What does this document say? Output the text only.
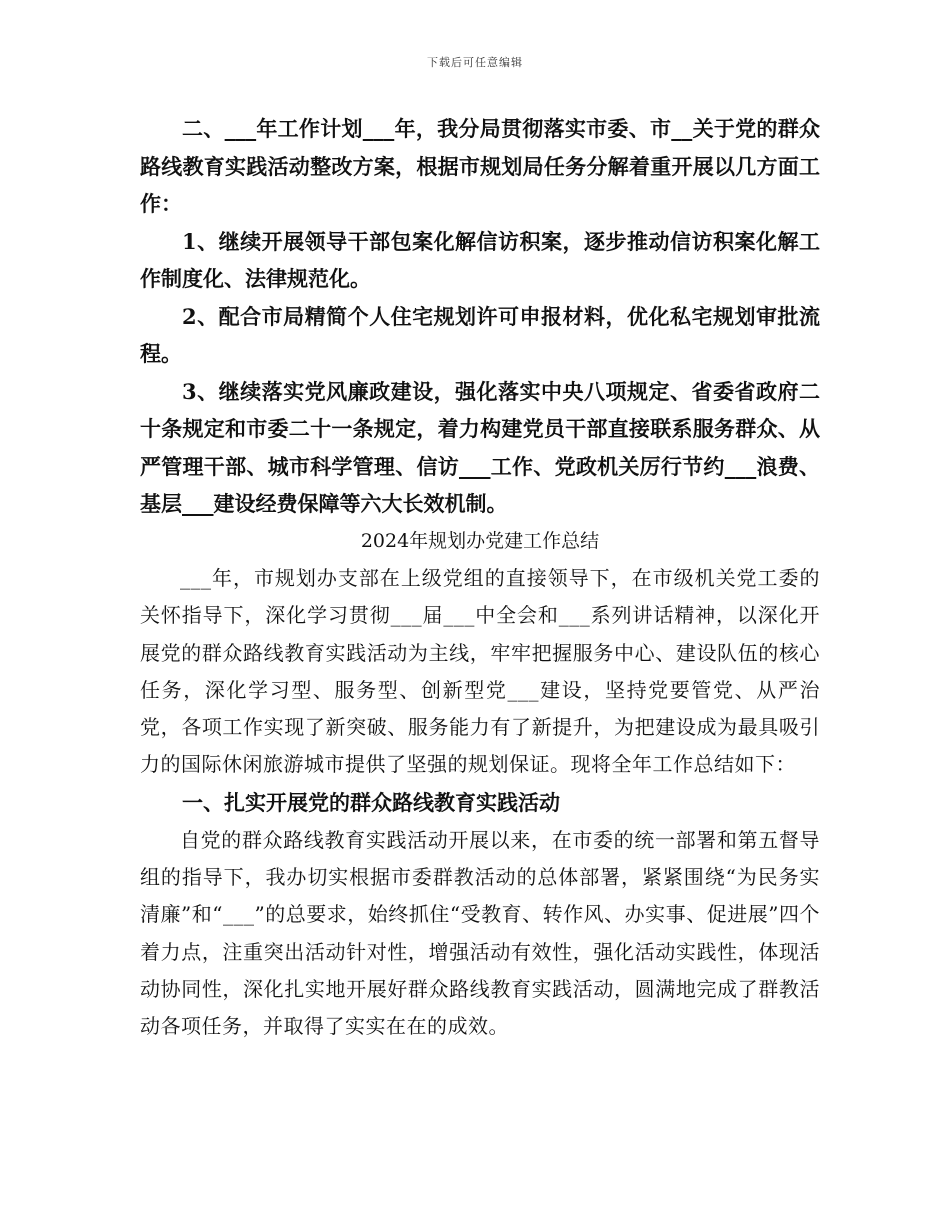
下载后可任意编辑

二、___年工作计划___年，我分局贯彻落实市委、市__关于党的群众路线教育实践活动整改方案，根据市规划局任务分解着重开展以几方面工作：

1、继续开展领导干部包案化解信访积案，逐步推动信访积案化解工作制度化、法律规范化。

2、配合市局精简个人住宅规划许可申报材料，优化私宅规划审批流程。

3、继续落实党风廉政建设，强化落实中央八项规定、省委省政府二十条规定和市委二十一条规定，着力构建党员干部直接联系服务群众、从严管理干部、城市科学管理、信访___工作、党政机关厉行节约___浪费、基层___建设经费保障等六大长效机制。

2024年规划办党建工作总结

___年，市规划办支部在上级党组的直接领导下，在市级机关党工委的关怀指导下，深化学习贯彻___届___中全会和___系列讲话精神，以深化开展党的群众路线教育实践活动为主线，牢牢把握服务中心、建设队伍的核心任务，深化学习型、服务型、创新型党___建设，坚持党要管党、从严治党，各项工作实现了新突破、服务能力有了新提升，为把建设成为最具吸引力的国际休闲旅游城市提供了坚强的规划保证。现将全年工作总结如下：

一、扎实开展党的群众路线教育实践活动

自党的群众路线教育实践活动开展以来，在市委的统一部署和第五督导组的指导下，我办切实根据市委群教活动的总体部署，紧紧围绕“为民务实清廉”和“___”的总要求，始终抓住“受教育、转作风、办实事、促进展”四个着力点，注重突出活动针对性，增强活动有效性，强化活动实践性，体现活动协同性，深化扎实地开展好群众路线教育实践活动，圆满地完成了群教活动各项任务，并取得了实实在在的成效。
